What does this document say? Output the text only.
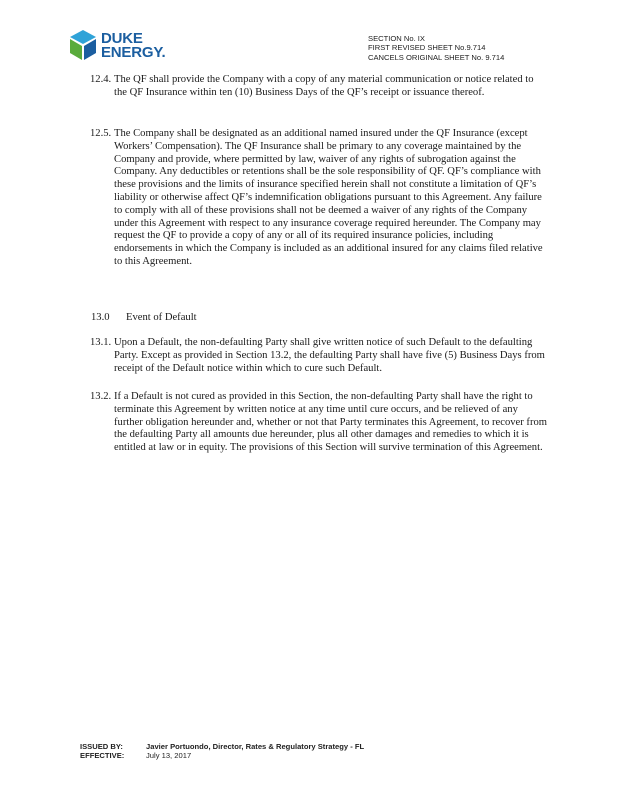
DUKE
ENERGY.
SECTION No. IX
FIRST REVISED SHEET No.9.714
CANCELS ORIGINAL SHEET No. 9.714
12.4. The QF shall provide the Company with a copy of any material communication or notice related to the QF Insurance within ten (10) Business Days of the QF’s receipt or issuance thereof.
12.5. The Company shall be designated as an additional named insured under the QF Insurance (except Workers’ Compensation). The QF Insurance shall be primary to any coverage maintained by the Company and provide, where permitted by law, waiver of any rights of subrogation against the Company. Any deductibles or retentions shall be the sole responsibility of QF. QF’s compliance with these provisions and the limits of insurance specified herein shall not constitute a limitation of QF’s liability or otherwise affect QF’s indemnification obligations pursuant to this Agreement. Any failure to comply with all of these provisions shall not be deemed a waiver of any rights of the Company under this Agreement with respect to any insurance coverage required hereunder. The Company may request the QF to provide a copy of any or all of its required insurance policies, including endorsements in which the Company is included as an additional insured for any claims filed relative to this Agreement.
13.0 Event of Default
13.1. Upon a Default, the non-defaulting Party shall give written notice of such Default to the defaulting Party. Except as provided in Section 13.2, the defaulting Party shall have five (5) Business Days from receipt of the Default notice within which to cure such Default.
13.2. If a Default is not cured as provided in this Section, the non-defaulting Party shall have the right to terminate this Agreement by written notice at any time until cure occurs, and be relieved of any further obligation hereunder and, whether or not that Party terminates this Agreement, to recover from the defaulting Party all amounts due hereunder, plus all other damages and remedies to which it is entitled at law or in equity. The provisions of this Section will survive termination of this Agreement.
ISSUED BY:	Javier Portuondo, Director, Rates & Regulatory Strategy - FL
EFFECTIVE:	July 13, 2017
